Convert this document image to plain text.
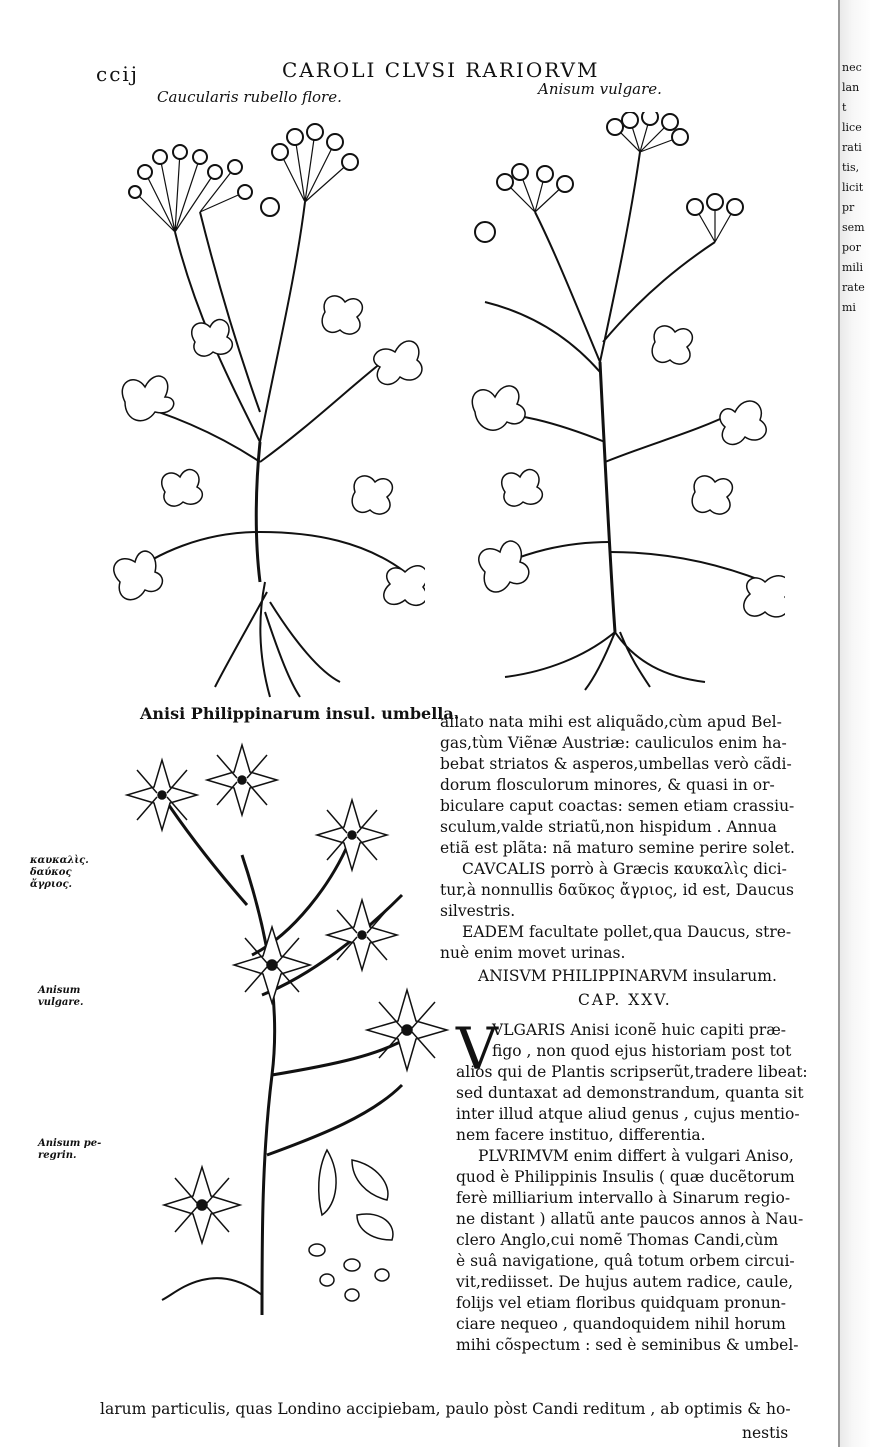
nec
lan
t
lice
rati
tis,
licit
pr
sem
por
mili
rate
mi
ccij	CAROLI CLVSI RARIORVM
Caucularis rubello flore.	Anisum vulgare.
Anisi Philippinarum insul. umbella.
καυκαλὶς.
δαύκος
ἄγριος.
Anisum
vulgare.
Anisum pe-
regrin.
allato nata mihi est aliquãdo,cùm apud Bel-
gas,tùm Viẽnæ Austriæ: cauliculos enim ha-
bebat striatos & asperos,umbellas verò cãdi-
dorum flosculorum minores, & quasi in or-
biculare caput coactas: semen etiam crassiu-
sculum,valde striatũ,non hispidum . Annua
etiã est plãta: nã maturo semine perire solet.
CAVCALIS porrò à Græcis καυκαλὶς dici-
tur,à nonnullis δαῦκος ἄγριος, id est, Daucus
silvestris.
EADEM facultate pollet,qua Daucus, stre-
nuè enim movet urinas.
ANISVM PHILIPPINARVM insularum.
CAP. XXV.
V
VLGARIS Anisi iconẽ huic capiti præ-
figo , non quod ejus historiam post tot
alios qui de Plantis scripserũt,tradere libeat:
sed duntaxat ad demonstrandum, quanta sit
inter illud atque aliud genus , cujus mentio-
nem facere instituo, differentia.
PLVRIMVM enim differt à vulgari Aniso,
quod è Philippinis Insulis ( quæ ducẽtorum
ferè milliarium intervallo à Sinarum regio-
ne distant ) allatũ ante paucos annos à Nau-
clero Anglo,cui nomẽ Thomas Candi,cùm
è suâ navigatione, quâ totum orbem circui-
vit,rediisset. De hujus autem radice, caule,
folijs vel etiam floribus quidquam pronun-
ciare nequeo , quandoquidem nihil horum
mihi cõspectum : sed è seminibus & umbel-
larum particulis, quas Londino accipiebam, paulo pòst Candi reditum , ab optimis & ho-
nestis
